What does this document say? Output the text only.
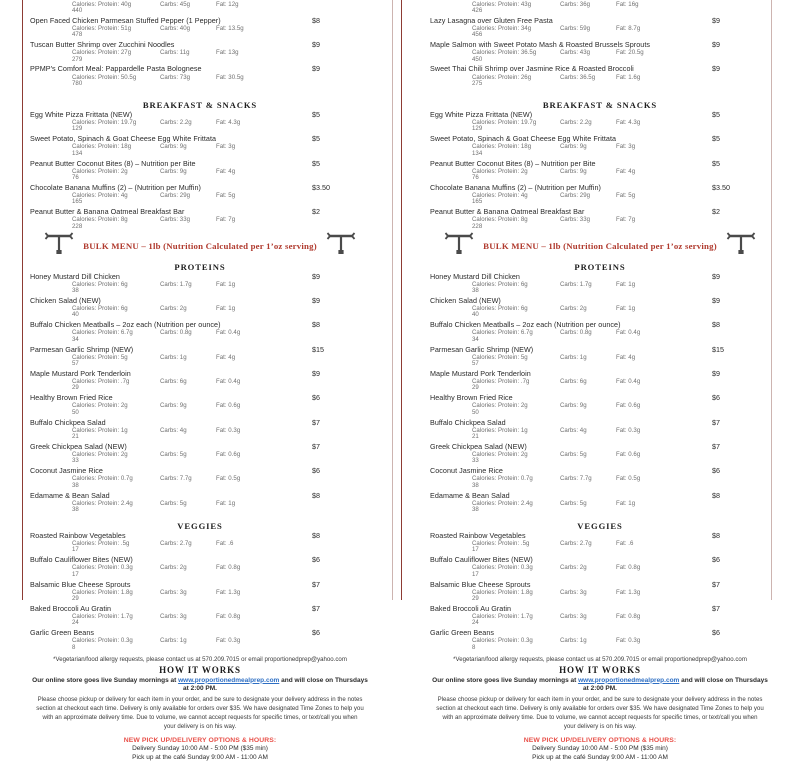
Calories: 440
Protein: 40g	Carbs: 45g	Fat: 12g
Open Faced Chicken Parmesan Stuffed Pepper (1 Pepper)	$8
Calories: 478
Protein: 51g	Carbs: 40g	Fat: 13.5g
Tuscan Butter Shrimp over Zucchini Noodles	$9
Calories: 279
Protein: 27g	Carbs: 11g	Fat: 13g
PPMP's Comfort Meal: Pappardelle Pasta Bolognese	$9
Calories: 780
Protein: 50.5g	Carbs: 73g	Fat: 30.5g
BREAKFAST & SNACKS
Egg White Pizza Frittata (NEW)	$5
Calories: 129
Protein: 19.7g	Carbs: 2.2g	Fat: 4.3g
Sweet Potato, Spinach & Goat Cheese Egg White Frittata	$5
Calories: 134
Protein: 18g	Carbs: 9g	Fat: 3g
Peanut Butter Coconut Bites (8) – Nutrition per Bite	$5
Calories: 76
Protein: 2g	Carbs: 9g	Fat: 4g
Chocolate Banana Muffins (2) – (Nutrition per Muffin)	$3.50
Calories: 165
Protein: 4g	Carbs: 29g	Fat: 5g
Peanut Butter & Banana Oatmeal Breakfast Bar	$2
Calories: 228
Protein: 8g	Carbs: 33g	Fat: 7g
BULK MENU – 1lb (Nutrition Calculated per 1’oz serving)
PROTEINS
Honey Mustard Dill Chicken	$9
Calories: 38
Protein: 6g	Carbs: 1.7g	Fat: 1g
Chicken Salad (NEW)	$9
Calories: 40
Protein: 6g	Carbs: 2g	Fat: 1g
Buffalo Chicken Meatballs – 2oz each (Nutrition per ounce)	$8
Calories: 34
Protein: 6.7g	Carbs: 0.8g	Fat: 0.4g
Parmesan Garlic Shrimp (NEW)	$15
Calories: 57
Protein: 5g	Carbs: 1g	Fat: 4g
Maple Mustard Pork Tenderloin	$9
Calories: 29
Protein: .7g	Carbs: 6g	Fat: 0.4g
Healthy Brown Fried Rice	$6
Calories: 50
Protein: 2g	Carbs: 9g	Fat: 0.6g
Buffalo Chickpea Salad	$7
Calories: 21
Protein: 1g	Carbs: 4g	Fat: 0.3g
Greek Chickpea Salad (NEW)	$7
Calories: 33
Protein: 2g	Carbs: 5g	Fat: 0.6g
Coconut Jasmine Rice	$6
Calories: 38
Protein: 0.7g	Carbs: 7.7g	Fat: 0.5g
Edamame & Bean Salad	$8
Calories: 38
Protein: 2.4g	Carbs: 5g	Fat: 1g
VEGGIES
Roasted Rainbow Vegetables	$8
Calories: 17
Protein: .5g	Carbs: 2.7g	Fat: .6
Buffalo Cauliflower Bites (NEW)	$6
Calories: 17
Protein: 0.3g	Carbs: 2g	Fat: 0.8g
Balsamic Blue Cheese Sprouts	$7
Calories: 29
Protein: 1.8g	Carbs: 3g	Fat: 1.3g
Baked Broccoli Au Gratin	$7
Calories: 24
Protein: 1.7g	Carbs: 3g	Fat: 0.8g
Garlic Green Beans	$6
Calories: 8
Protein: 0.3g	Carbs: 1g	Fat: 0.3g
*Vegetarian/food allergy requests, please contact us at 570.209.7015 or email proportionedprep@yahoo.com
HOW IT WORKS
Our online store goes live Sunday mornings at www.proportionedmealprep.com and will close on Thursdays at 2:00 PM.
Please choose pickup or delivery for each item in your order, and be sure to designate your delivery address in the notes section at checkout each time. Delivery is only available for orders over $35. We have designated Time Zones to help you with an approximate delivery time. Due to volume, we cannot accept requests for specific times, or text/call you when your delivery is on his way.
NEW PICK UP/DELIVERY OPTIONS & HOURS:
Delivery Sunday 10:00 AM - 5:00 PM ($35 min)
Pick up at the café Sunday 9:00 AM - 11:00 AM
Calories: 426
Protein: 43g	Carbs: 36g	Fat: 16g
Lazy Lasagna over Gluten Free Pasta	$9
Calories: 456
Protein: 34g	Carbs: 59g	Fat: 8.7g
Maple Salmon with Sweet Potato Mash & Roasted Brussels Sprouts	$9
Calories: 450
Protein: 36.5g	Carbs: 43g	Fat: 20.5g
Sweet Thai Chili Shrimp over Jasmine Rice & Roasted Broccoli	$9
Calories: 275
Protein: 26g	Carbs: 36.5g	Fat: 1.6g
BREAKFAST & SNACKS
Egg White Pizza Frittata (NEW)	$5
Calories: 129
Protein: 19.7g	Carbs: 2.2g	Fat: 4.3g
Sweet Potato, Spinach & Goat Cheese Egg White Frittata	$5
Calories: 134
Protein: 18g	Carbs: 9g	Fat: 3g
Peanut Butter Coconut Bites (8) – Nutrition per Bite	$5
Calories: 76
Protein: 2g	Carbs: 9g	Fat: 4g
Chocolate Banana Muffins (2) – (Nutrition per Muffin)	$3.50
Calories: 165
Protein: 4g	Carbs: 29g	Fat: 5g
Peanut Butter & Banana Oatmeal Breakfast Bar	$2
Calories: 228
Protein: 8g	Carbs: 33g	Fat: 7g
BULK MENU – 1lb (Nutrition Calculated per 1’oz serving)
PROTEINS
Honey Mustard Dill Chicken	$9
Calories: 38
Protein: 6g	Carbs: 1.7g	Fat: 1g
Chicken Salad (NEW)	$9
Calories: 40
Protein: 6g	Carbs: 2g	Fat: 1g
Buffalo Chicken Meatballs – 2oz each (Nutrition per ounce)	$8
Calories: 34
Protein: 6.7g	Carbs: 0.8g	Fat: 0.4g
Parmesan Garlic Shrimp (NEW)	$15
Calories: 57
Protein: 5g	Carbs: 1g	Fat: 4g
Maple Mustard Pork Tenderloin	$9
Calories: 29
Protein: .7g	Carbs: 6g	Fat: 0.4g
Healthy Brown Fried Rice	$6
Calories: 50
Protein: 2g	Carbs: 9g	Fat: 0.6g
Buffalo Chickpea Salad	$7
Calories: 21
Protein: 1g	Carbs: 4g	Fat: 0.3g
Greek Chickpea Salad (NEW)	$7
Calories: 33
Protein: 2g	Carbs: 5g	Fat: 0.6g
Coconut Jasmine Rice	$6
Calories: 38
Protein: 0.7g	Carbs: 7.7g	Fat: 0.5g
Edamame & Bean Salad	$8
Calories: 38
Protein: 2.4g	Carbs: 5g	Fat: 1g
VEGGIES
Roasted Rainbow Vegetables	$8
Calories: 17
Protein: .5g	Carbs: 2.7g	Fat: .6
Buffalo Cauliflower Bites (NEW)	$6
Calories: 17
Protein: 0.3g	Carbs: 2g	Fat: 0.8g
Balsamic Blue Cheese Sprouts	$7
Calories: 29
Protein: 1.8g	Carbs: 3g	Fat: 1.3g
Baked Broccoli Au Gratin	$7
Calories: 24
Protein: 1.7g	Carbs: 3g	Fat: 0.8g
Garlic Green Beans	$6
Calories: 8
Protein: 0.3g	Carbs: 1g	Fat: 0.3g
*Vegetarian/food allergy requests, please contact us at 570.209.7015 or email proportionedprep@yahoo.com
HOW IT WORKS
Our online store goes live Sunday mornings at www.proportionedmealprep.com and will close on Thursdays at 2:00 PM.
Please choose pickup or delivery for each item in your order, and be sure to designate your delivery address in the notes section at checkout each time. Delivery is only available for orders over $35. We have designated Time Zones to help you with an approximate delivery time. Due to volume, we cannot accept requests for specific times, or text/call you when your delivery is on his way.
NEW PICK UP/DELIVERY OPTIONS & HOURS:
Delivery Sunday 10:00 AM - 5:00 PM ($35 min)
Pick up at the café Sunday 9:00 AM - 11:00 AM
